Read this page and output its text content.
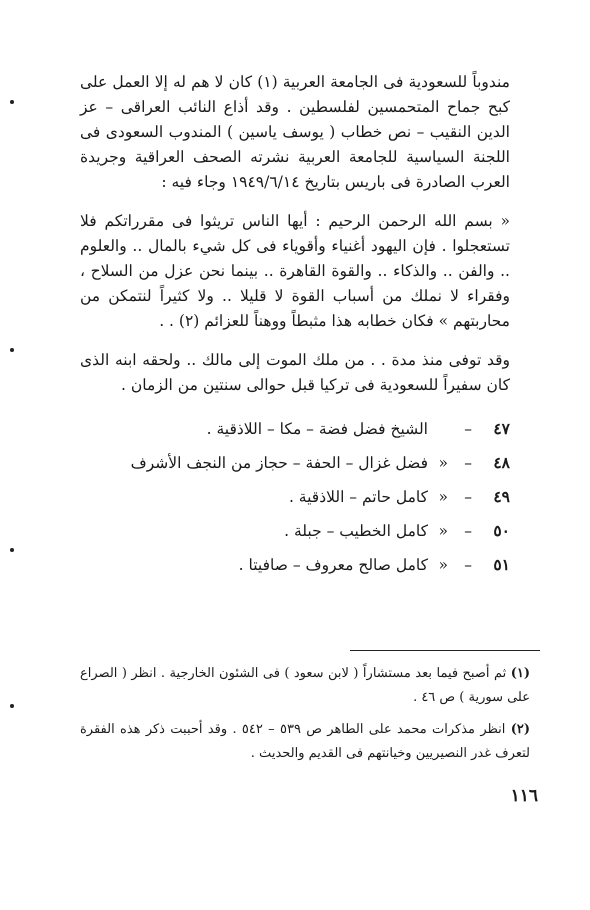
مندوباً للسعودية فى الجامعة العربية (١) كان لا هم له إلا العمل على كبح جماح المتحمسين لفلسطين . وقد أذاع النائب العراقى – عز الدين النقيب – نص خطاب ( يوسف ياسين ) المندوب السعودى فى اللجنة السياسية للجامعة العربية نشرته الصحف العراقية وجريدة العرب الصادرة فى باريس بتاريخ ١٩٤٩/٦/١٤ وجاء فيه :

« بسم الله الرحمن الرحيم : أيها الناس تريثوا فى مقرراتكم فلا تستعجلوا . فإن اليهود أغنياء وأقوياء فى كل شيء بالمال .. والعلوم .. والفن .. والذكاء .. والقوة القاهرة .. بينما نحن عزل من السلاح ، وفقراء لا نملك من أسباب القوة لا قليلا .. ولا كثيراً لنتمكن من محاربتهم » فكان خطابه هذا مثبطاً ووهناً للعزائم (٢) . .

وقد توفى منذ مدة . . من ملك الموت إلى مالك .. ولحقه ابنه الذى كان سفيراً للسعودية فى تركيا قبل حوالى سنتين من الزمان .

٤٧
–
الشيخ فضل فضة – مكا – اللاذقية .
٤٨
–
«
فضل غزال – الحفة – حجاز من النجف الأشرف
٤٩
–
«
كامل حاتم – اللاذقية .
٥٠
–
«
كامل الخطيب – جبلة .
٥١
–
«
كامل صالح معروف – صافيتا .

(١) ثم أصبح فيما بعد مستشاراً ( لابن سعود ) فى الشئون الخارجية . انظر ( الصراع على سورية ) ص ٤٦ .

(٢) انظر مذكرات محمد على الطاهر ص ٥٣٩ – ٥٤٢ . وقد أحببت ذكر هذه الفقرة لتعرف غدر النصيريين وخيانتهم فى القديم والحديث .

١١٦
